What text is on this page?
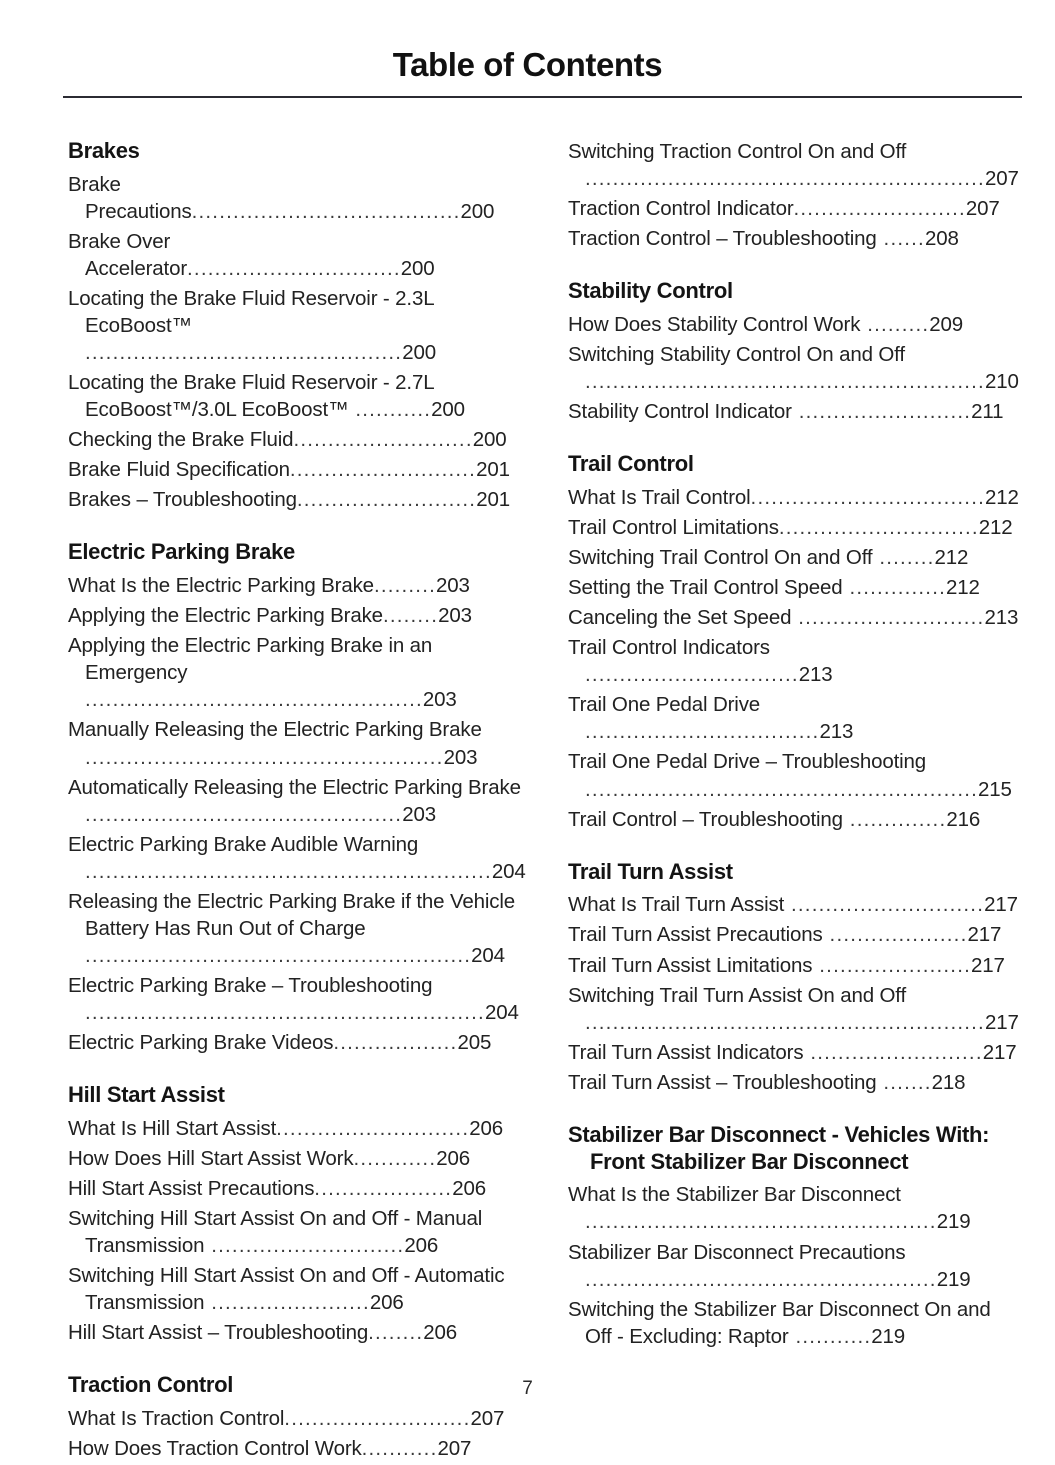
Table of Contents
Brakes
Brake Precautions.......................................200
Brake Over Accelerator...............................200
Locating the Brake Fluid Reservoir - 2.3L EcoBoost™ ..............................................200
Locating the Brake Fluid Reservoir - 2.7L EcoBoost™/3.0L EcoBoost™ ...........200
Checking the Brake Fluid..........................200
Brake Fluid Specification...........................201
Brakes – Troubleshooting..........................201
Electric Parking Brake
What Is the Electric Parking Brake.........203
Applying the Electric Parking Brake........203
Applying the Electric Parking Brake in an Emergency .................................................203
Manually Releasing the Electric Parking Brake ....................................................203
Automatically Releasing the Electric Parking Brake ..............................................203
Electric Parking Brake Audible Warning ...........................................................204
Releasing the Electric Parking Brake if the Vehicle Battery Has Run Out of Charge ........................................................204
Electric Parking Brake – Troubleshooting ..........................................................204
Electric Parking Brake Videos..................205
Hill Start Assist
What Is Hill Start Assist............................206
How Does Hill Start Assist Work............206
Hill Start Assist Precautions....................206
Switching Hill Start Assist On and Off - Manual Transmission ............................206
Switching Hill Start Assist On and Off - Automatic Transmission .......................206
Hill Start Assist – Troubleshooting........206
Traction Control
What Is Traction Control...........................207
How Does Traction Control Work...........207
Switching Traction Control On and Off ..........................................................207
Traction Control Indicator.........................207
Traction Control – Troubleshooting ......208
Stability Control
How Does Stability Control Work .........209
Switching Stability Control On and Off ..........................................................210
Stability Control Indicator .........................211
Trail Control
What Is Trail Control..................................212
Trail Control Limitations.............................212
Switching Trail Control On and Off ........212
Setting the Trail Control Speed ..............212
Canceling the Set Speed ...........................213
Trail Control Indicators ...............................213
Trail One Pedal Drive ..................................213
Trail One Pedal Drive – Troubleshooting .........................................................215
Trail Control – Troubleshooting ..............216
Trail Turn Assist
What Is Trail Turn Assist ............................217
Trail Turn Assist Precautions ....................217
Trail Turn Assist Limitations ......................217
Switching Trail Turn Assist On and Off ..........................................................217
Trail Turn Assist Indicators .........................217
Trail Turn Assist – Troubleshooting .......218
Stabilizer Bar Disconnect - Vehicles With: Front Stabilizer Bar Disconnect
What Is the Stabilizer Bar Disconnect ...................................................219
Stabilizer Bar Disconnect Precautions ...................................................219
Switching the Stabilizer Bar Disconnect On and Off - Excluding: Raptor ...........219
7
